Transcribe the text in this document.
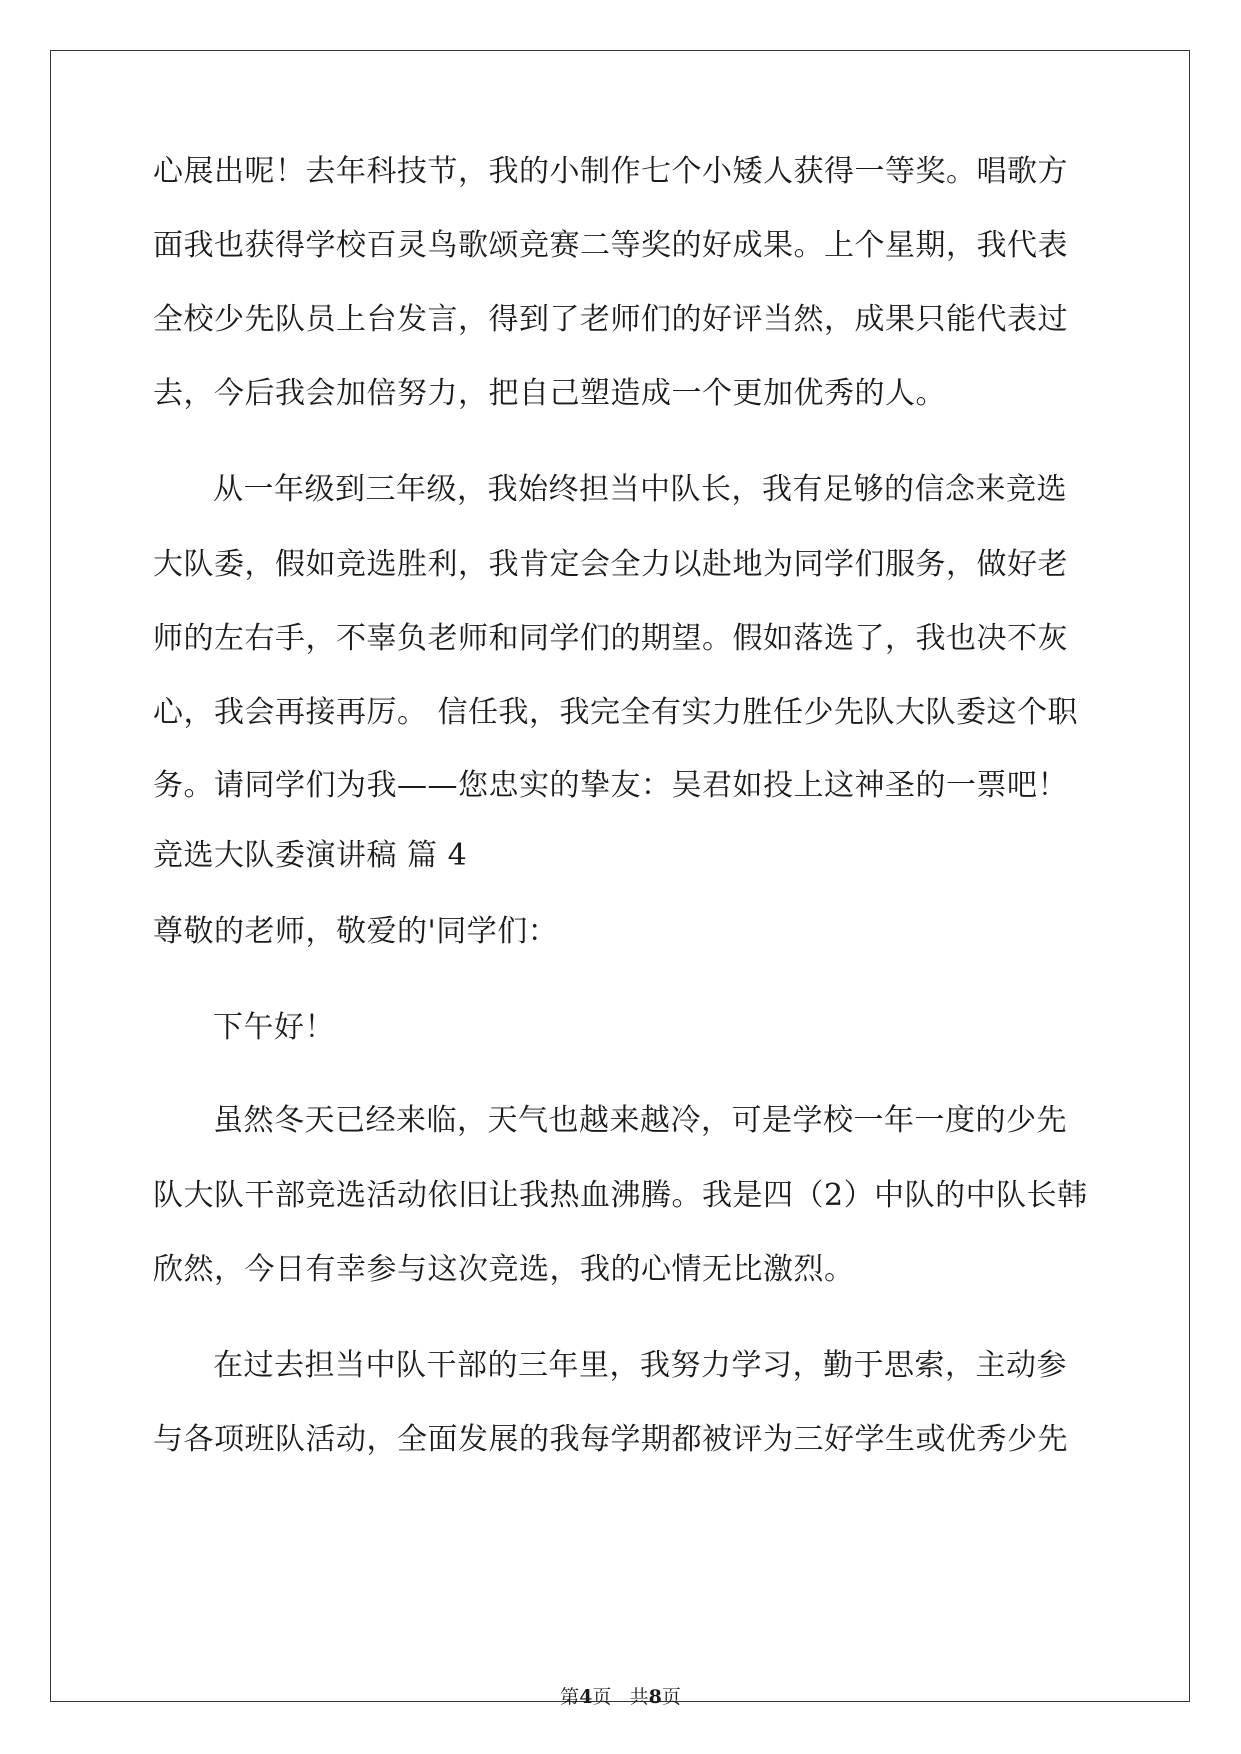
心展出呢！去年科技节，我的小制作七个小矮人获得一等奖。唱歌方
面我也获得学校百灵鸟歌颂竞赛二等奖的好成果。上个星期，我代表
全校少先队员上台发言，得到了老师们的好评当然，成果只能代表过
去，今后我会加倍努力，把自己塑造成一个更加优秀的人。
从一年级到三年级，我始终担当中队长，我有足够的信念来竞选
大队委，假如竞选胜利，我肯定会全力以赴地为同学们服务，做好老
师的左右手，不辜负老师和同学们的期望。假如落选了，我也决不灰
心，我会再接再厉。 信任我，我完全有实力胜任少先队大队委这个职
务。请同学们为我——您忠实的挚友：吴君如投上这神圣的一票吧！
竞选大队委演讲稿 篇 4
尊敬的老师，敬爱的'同学们：
下午好！
虽然冬天已经来临，天气也越来越冷，可是学校一年一度的少先
队大队干部竞选活动依旧让我热血沸腾。我是四（2）中队的中队长韩
欣然，今日有幸参与这次竞选，我的心情无比激烈。
在过去担当中队干部的三年里，我努力学习，勤于思索，主动参
与各项班队活动，全面发展的我每学期都被评为三好学生或优秀少先
第4页 共8页
